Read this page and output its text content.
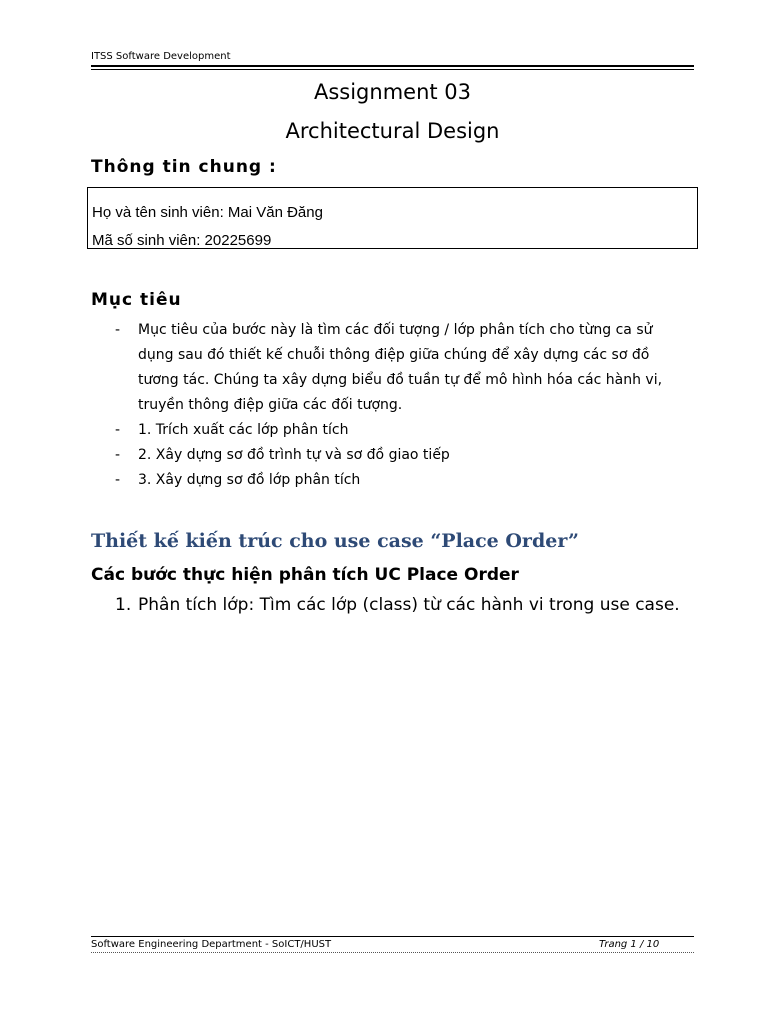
ITSS Software Development
Assignment 03
Architectural Design
Thông tin chung :
Họ và tên sinh viên: Mai Văn Đăng
Mã số sinh viên: 20225699
Mục tiêu
- Mục tiêu của bước này là tìm các đối tượng / lớp phân tích cho từng ca sử dụng sau đó thiết kế chuỗi thông điệp giữa chúng để xây dựng các sơ đồ tương tác. Chúng ta xây dựng biểu đồ tuần tự để mô hình hóa các hành vi, truyền thông điệp giữa các đối tượng.
- 1. Trích xuất các lớp phân tích
- 2. Xây dựng sơ đồ trình tự và sơ đồ giao tiếp
- 3. Xây dựng sơ đồ lớp phân tích
Thiết kế kiến trúc cho use case “Place Order”
Các bước thực hiện phân tích UC Place Order
1. Phân tích lớp: Tìm các lớp (class) từ các hành vi trong use case.
Software Engineering Department - SoICT/HUST	Trang 1 / 10
